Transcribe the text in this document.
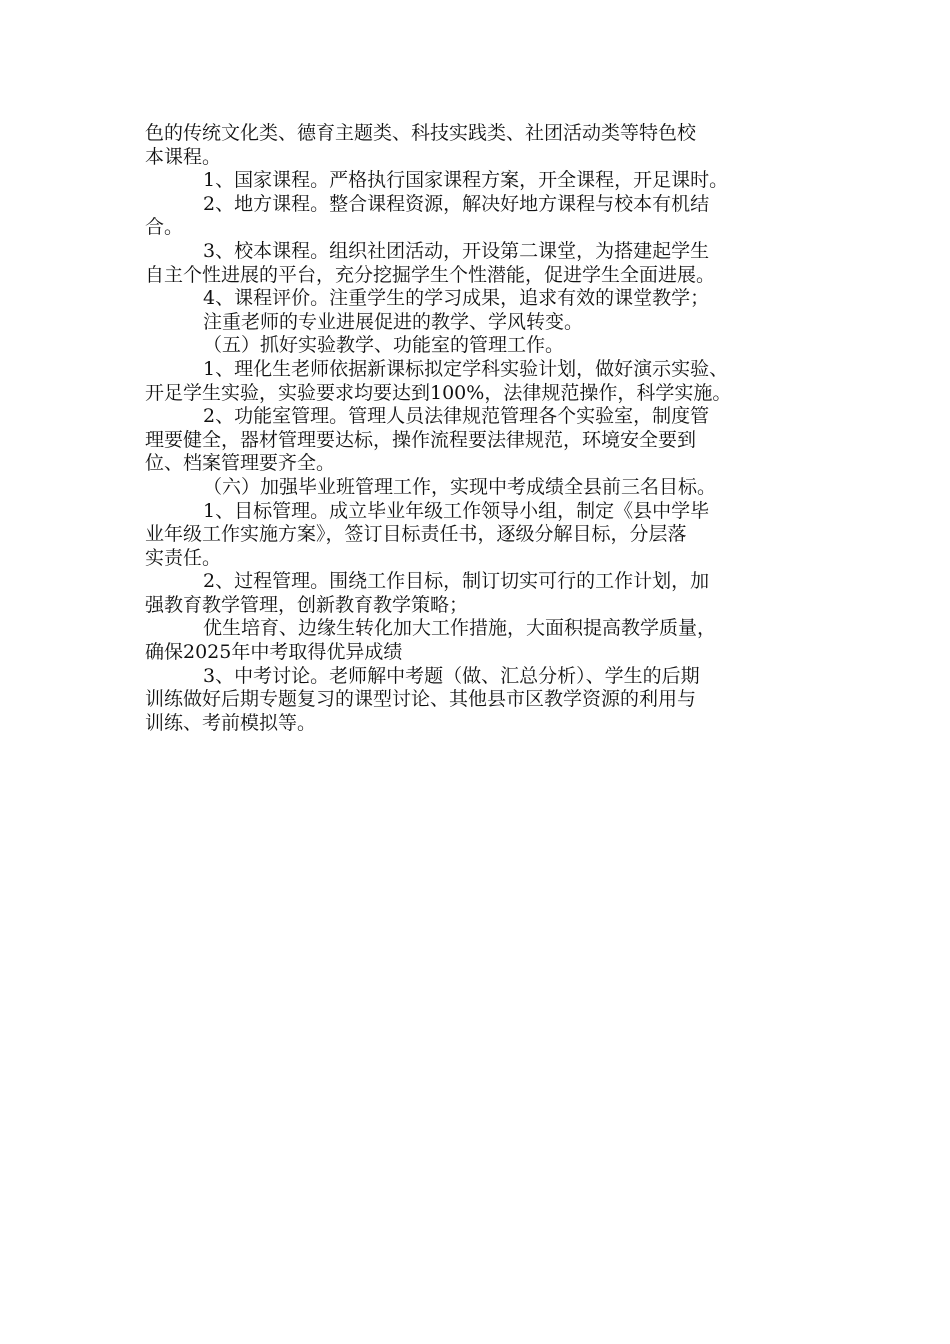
色的传统文化类、德育主题类、科技实践类、社团活动类等特色校
本课程。
1、国家课程。严格执行国家课程方案，开全课程，开足课时。
2、地方课程。整合课程资源，解决好地方课程与校本有机结
合。
3、校本课程。组织社团活动，开设第二课堂，为搭建起学生
自主个性进展的平台，充分挖掘学生个性潜能，促进学生全面进展。
4、课程评价。注重学生的学习成果，追求有效的课堂教学；
注重老师的专业进展促进的教学、学风转变。
（五）抓好实验教学、功能室的管理工作。
1、理化生老师依据新课标拟定学科实验计划，做好演示实验、
开足学生实验，实验要求均要达到100%，法律规范操作，科学实施。
2、功能室管理。管理人员法律规范管理各个实验室，制度管
理要健全，器材管理要达标，操作流程要法律规范，环境安全要到
位、档案管理要齐全。
（六）加强毕业班管理工作，实现中考成绩全县前三名目标。
1、目标管理。成立毕业年级工作领导小组，制定《县中学毕
业年级工作实施方案》，签订目标责任书，逐级分解目标，分层落
实责任。
2、过程管理。围绕工作目标，制订切实可行的工作计划，加
强教育教学管理，创新教育教学策略；
优生培育、边缘生转化加大工作措施，大面积提高教学质量，
确保2025年中考取得优异成绩
3、中考讨论。老师解中考题（做、汇总分析）、学生的后期
训练做好后期专题复习的课型讨论、其他县市区教学资源的利用与
训练、考前模拟等。
